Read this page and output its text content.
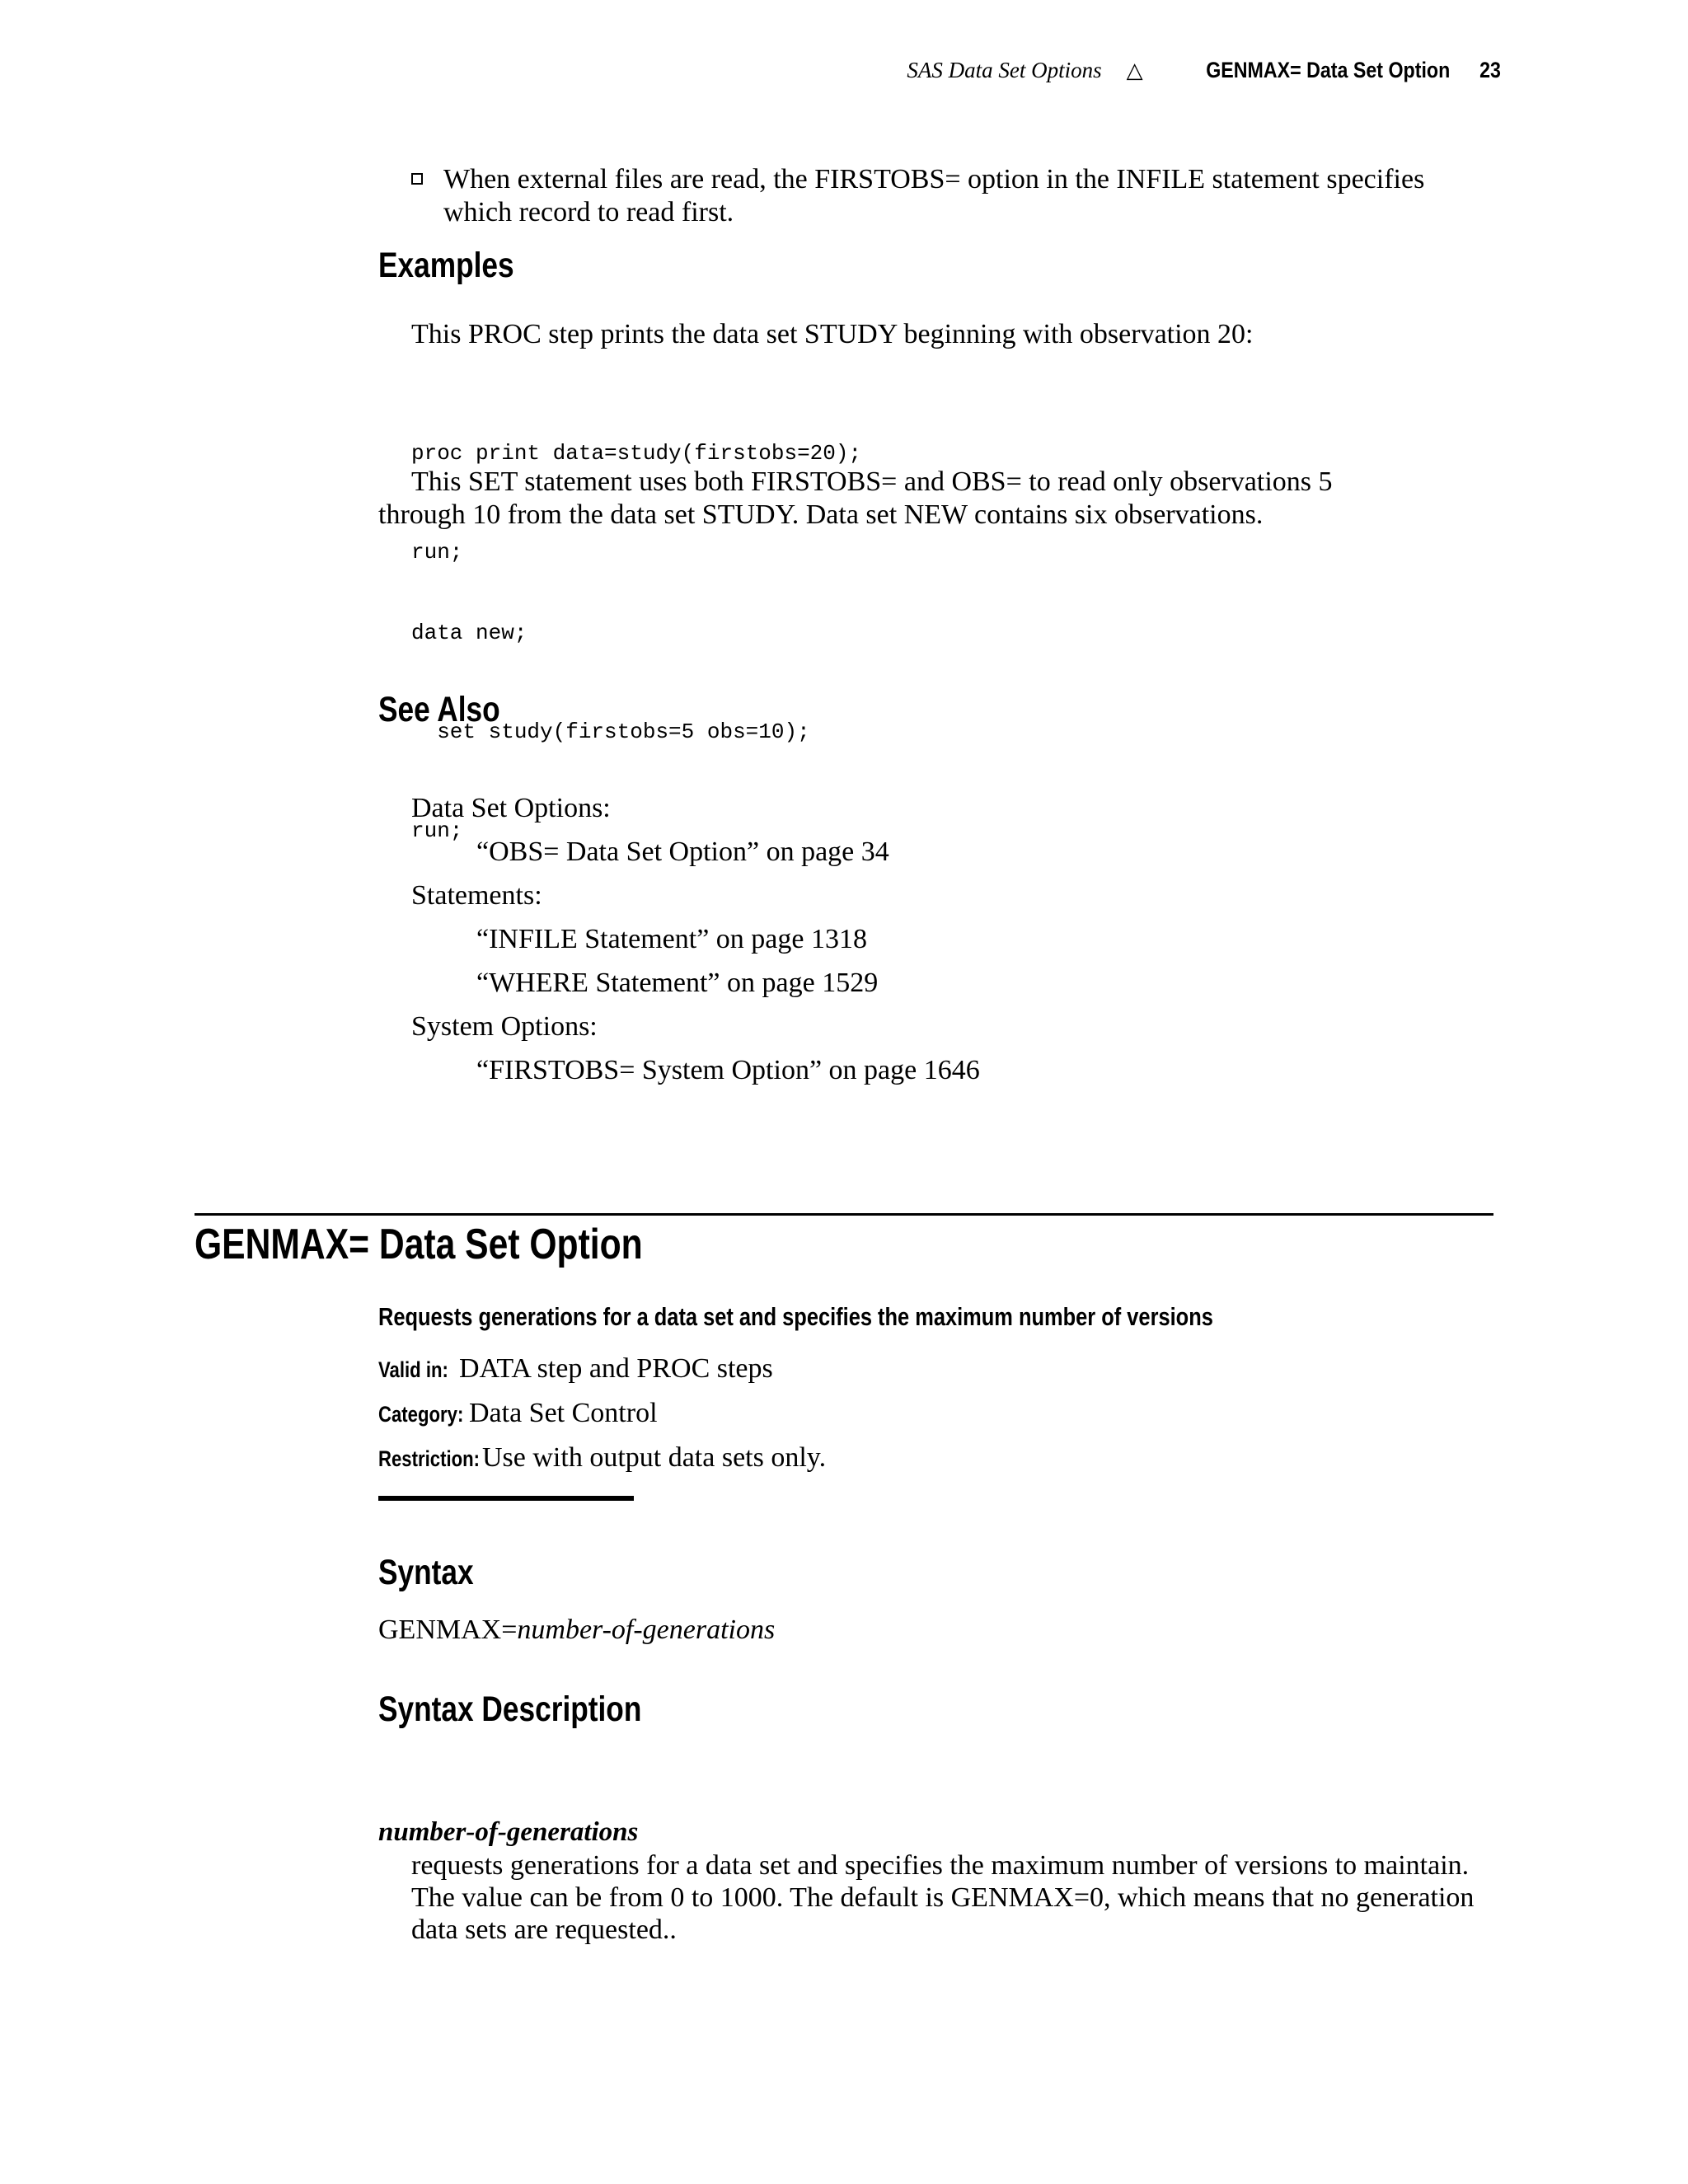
SAS Data Set Options △	GENMAX= Data Set Option 23
When external files are read, the FIRSTOBS= option in the INFILE statement specifies which record to read first.
Examples
This PROC step prints the data set STUDY beginning with observation 20:

proc print data=study(firstobs=20);

run;

This SET statement uses both FIRSTOBS= and OBS= to read only observations 5
through 10 from the data set STUDY. Data set NEW contains six observations.

data new;

set study(firstobs=5 obs=10);

run;

See Also
Data Set Options:
“OBS= Data Set Option” on page 34
Statements:
“INFILE Statement” on page 1318
“WHERE Statement” on page 1529
System Options:
“FIRSTOBS= System Option” on page 1646
GENMAX= Data Set Option
Requests generations for a data set and specifies the maximum number of versions
Valid in: DATA step and PROC steps
Category: Data Set Control
Restriction: Use with output data sets only.
Syntax
GENMAX=number-of-generations
Syntax Description
number-of-generations
requests generations for a data set and specifies the maximum number of versions to maintain. The value can be from 0 to 1000. The default is GENMAX=0, which means that no generation data sets are requested..
